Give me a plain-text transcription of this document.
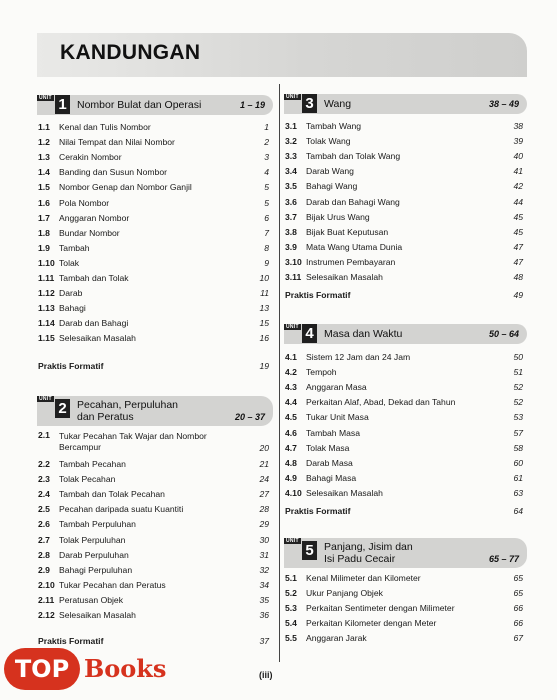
KANDUNGAN
UNIT 1 Nombor Bulat dan Operasi	1 – 19
1.1 Kenal dan Tulis Nombor	1
1.2 Nilai Tempat dan Nilai Nombor	2
1.3 Cerakin Nombor	3
1.4 Banding dan Susun Nombor	4
1.5 Nombor Genap dan Nombor Ganjil	5
1.6 Pola Nombor	5
1.7 Anggaran Nombor	6
1.8 Bundar Nombor	7
1.9 Tambah	8
1.10 Tolak	9
1.11 Tambah dan Tolak	10
1.12 Darab	11
1.13 Bahagi	13
1.14 Darab dan Bahagi	15
1.15 Selesaikan Masalah	16
Praktis Formatif	19
UNIT
2 Pecahan, Perpuluhan
dan Peratus	20 – 37
2.1 Tukar Pecahan Tak Wajar dan Nombor Bercampur	20
2.2 Tambah Pecahan	21
2.3 Tolak Pecahan	24
2.4 Tambah dan Tolak Pecahan	27
2.5 Pecahan daripada suatu Kuantiti	28
2.6 Tambah Perpuluhan	29
2.7 Tolak Perpuluhan	30
2.8 Darab Perpuluhan	31
2.9 Bahagi Perpuluhan	32
2.10 Tukar Pecahan dan Peratus	34
2.11 Peratusan Objek	35
2.12 Selesaikan Masalah	36
Praktis Formatif	37
UNIT 3 Wang	38 – 49
3.1 Tambah Wang	38
3.2 Tolak Wang	39
3.3 Tambah dan Tolak Wang	40
3.4 Darab Wang	41
3.5 Bahagi Wang	42
3.6 Darab dan Bahagi Wang	44
3.7 Bijak Urus Wang	45
3.8 Bijak Buat Keputusan	45
3.9 Mata Wang Utama Dunia	47
3.10 Instrumen Pembayaran	47
3.11 Selesaikan Masalah	48
Praktis Formatif	49
UNIT 4 Masa dan Waktu	50 – 64
4.1 Sistem 12 Jam dan 24 Jam	50
4.2 Tempoh	51
4.3 Anggaran Masa	52
4.4 Perkaitan Alaf, Abad, Dekad dan Tahun	52
4.5 Tukar Unit Masa	53
4.6 Tambah Masa	57
4.7 Tolak Masa	58
4.8 Darab Masa	60
4.9 Bahagi Masa	61
4.10 Selesaikan Masalah	63
Praktis Formatif	64
UNIT
5 Panjang, Jisim dan
Isi Padu Cecair	65 – 77
5.1 Kenal Milimeter dan Kilometer	65
5.2 Ukur Panjang Objek	65
5.3 Perkaitan Sentimeter dengan Milimeter	66
5.4 Perkaitan Kilometer dengan Meter	66
5.5 Anggaran Jarak	67
(iii)
TOP Books
